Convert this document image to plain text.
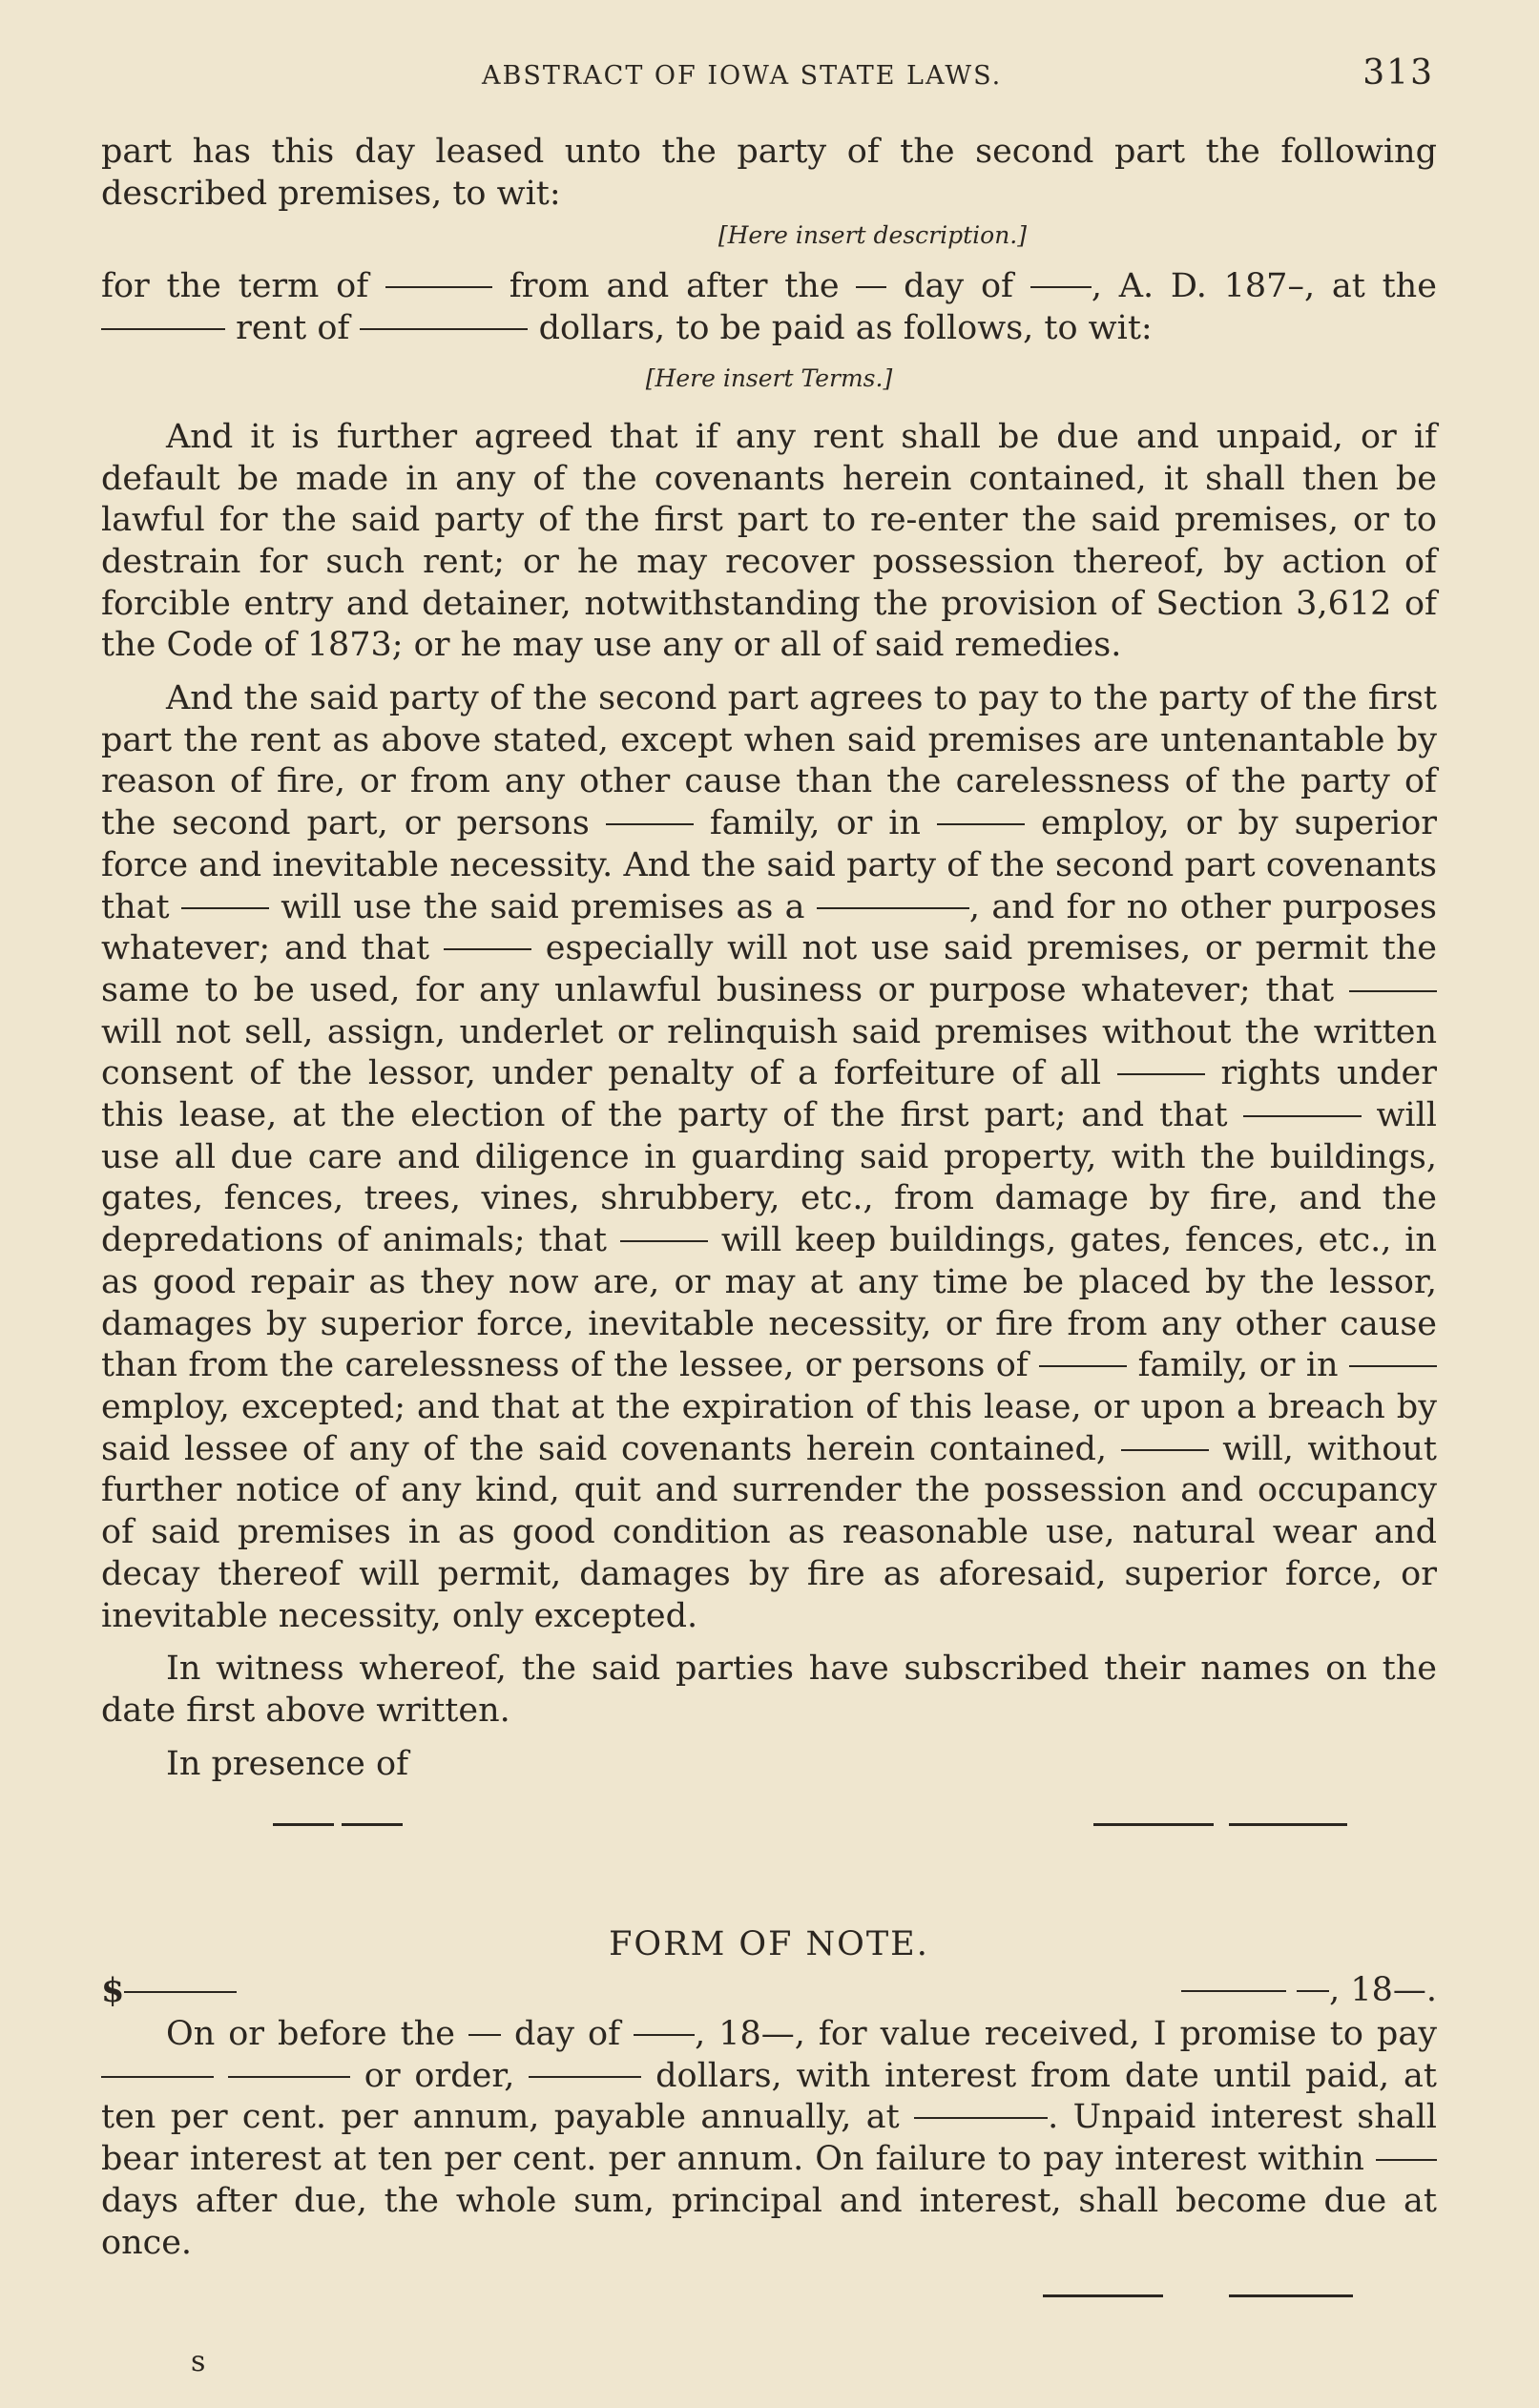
ABSTRACT OF IOWA STATE LAWS.	313

part has this day leased unto the party of the second part the following described premises, to wit:

[Here insert description.]

for the term of	from and after the day of , A. D. 187–, at the  rent of	dollars, to be paid as follows, to wit:

[Here insert Terms.]

And it is further agreed that if any rent shall be due and unpaid, or if default be made in any of the covenants herein contained, it shall then be lawful for the said party of the first part to re-enter the said premises, or to destrain for such rent; or he may recover possession thereof, by action of forcible entry and detainer, notwithstanding the provision of Section 3,612 of the Code of 1873; or he may use any or all of said remedies.

And the said party of the second part agrees to pay to the party of the first part the rent as above stated, except when said premises are untenantable by reason of fire, or from any other cause than the carelessness of the party of the second part, or persons	family, or in	employ, or by superior force and inevitable necessity. And the said party of the second part covenants that	will use the said premises as a	, and for no other purposes whatever; and that	especially will not use said premises, or permit the same to be used, for any unlawful business or purpose whatever; that  will not sell, assign, underlet or relinquish said premises without the written consent of the lessor, under penalty of a forfeiture of all	rights under this lease, at the election of the party of the first part; and that	will use all due care and diligence in guarding said property, with the buildings, gates, fences, trees, vines, shrubbery, etc., from damage by fire, and the depredations of animals; that	will keep buildings, gates, fences, etc., in as good repair as they now are, or may at any time be placed by the lessor, damages by superior force, inevitable necessity, or fire from any other cause than from the carelessness of the lessee, or persons of	family, or in  employ, excepted; and that at the expiration of this lease, or upon a breach by said lessee of any of the said covenants herein contained,	will, without further notice of any kind, quit and surrender the possession and occupancy of said premises in as good condition as reasonable use, natural wear and decay thereof will permit, damages by fire as aforesaid, superior force, or inevitable necessity, only excepted.

In witness whereof, the said parties have subscribed their names on the date first above written.

In presence of

FORM OF NOTE.

$	, 18—.

On or before the day of , 18—, for value received, I promise to pay   or order,	dollars, with interest from date until paid, at ten per cent. per annum, payable annually, at	. Unpaid interest shall bear interest at ten per cent. per annum. On failure to pay interest within  days after due, the whole sum, principal and interest, shall become due at once.

s
